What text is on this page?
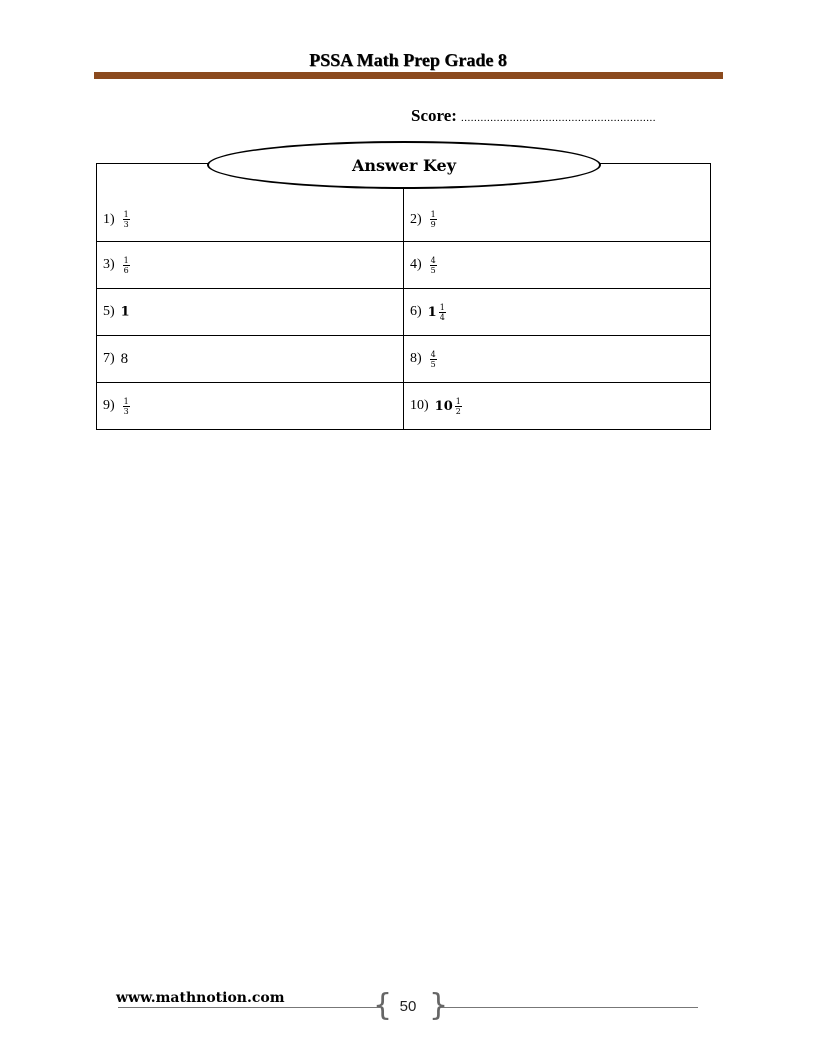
PSSA Math Prep Grade 8
Score: ............................................................
$1) \frac{1}{3}$	$2) \frac{1}{9}$

$3) \frac{1}{6}$	$4) \frac{4}{5}$

5) 1	6) $1 \frac{1}{4}$

7) 8	$8) \frac{4}{5}$

$9) \frac{1}{3}$	10) $10 \frac{1}{2}$
Answer Key
www.mathnotion.com	{ }
50
